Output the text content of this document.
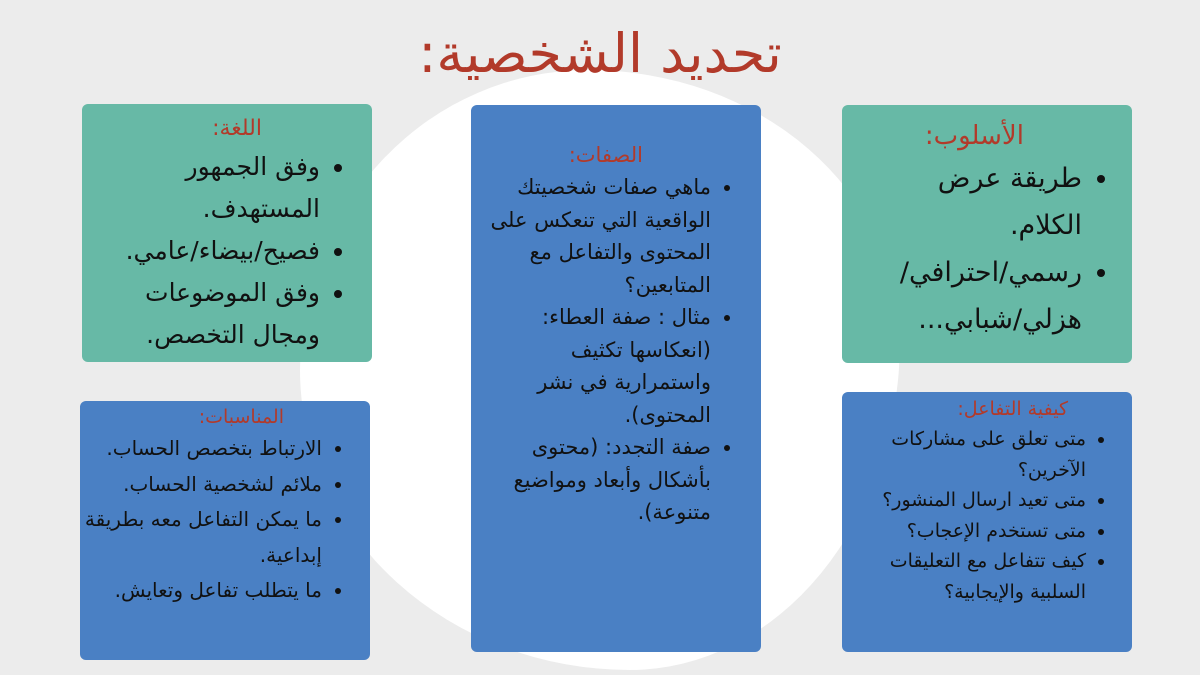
تحديد الشخصية:
الأسلوب:
• طريقة عرض الكلام.
• رسمي/احترافي/هزلي/شبابي...
الصفات:
• ماهي صفات شخصيتك الواقعية التي تنعكس على المحتوى والتفاعل مع المتابعين؟
• مثال : صفة العطاء: (انعكاسها تكثيف واستمرارية في نشر المحتوى).
• صفة التجدد: (محتوى بأشكال وأبعاد ومواضيع متنوعة).
اللغة:
• وفق الجمهور المستهدف.
• فصيح/بيضاء/عامي.
• وفق الموضوعات ومجال التخصص.
كيفية التفاعل:
• متى تعلق على مشاركات الآخرين؟
• متى تعيد ارسال المنشور؟
• متى تستخدم الإعجاب؟
• كيف تتفاعل مع التعليقات السلبية والإيجابية؟
المناسبات:
• الارتباط بتخصص الحساب.
• ملائم لشخصية الحساب.
• ما يمكن التفاعل معه بطريقة إبداعية.
• ما يتطلب تفاعل وتعايش.
